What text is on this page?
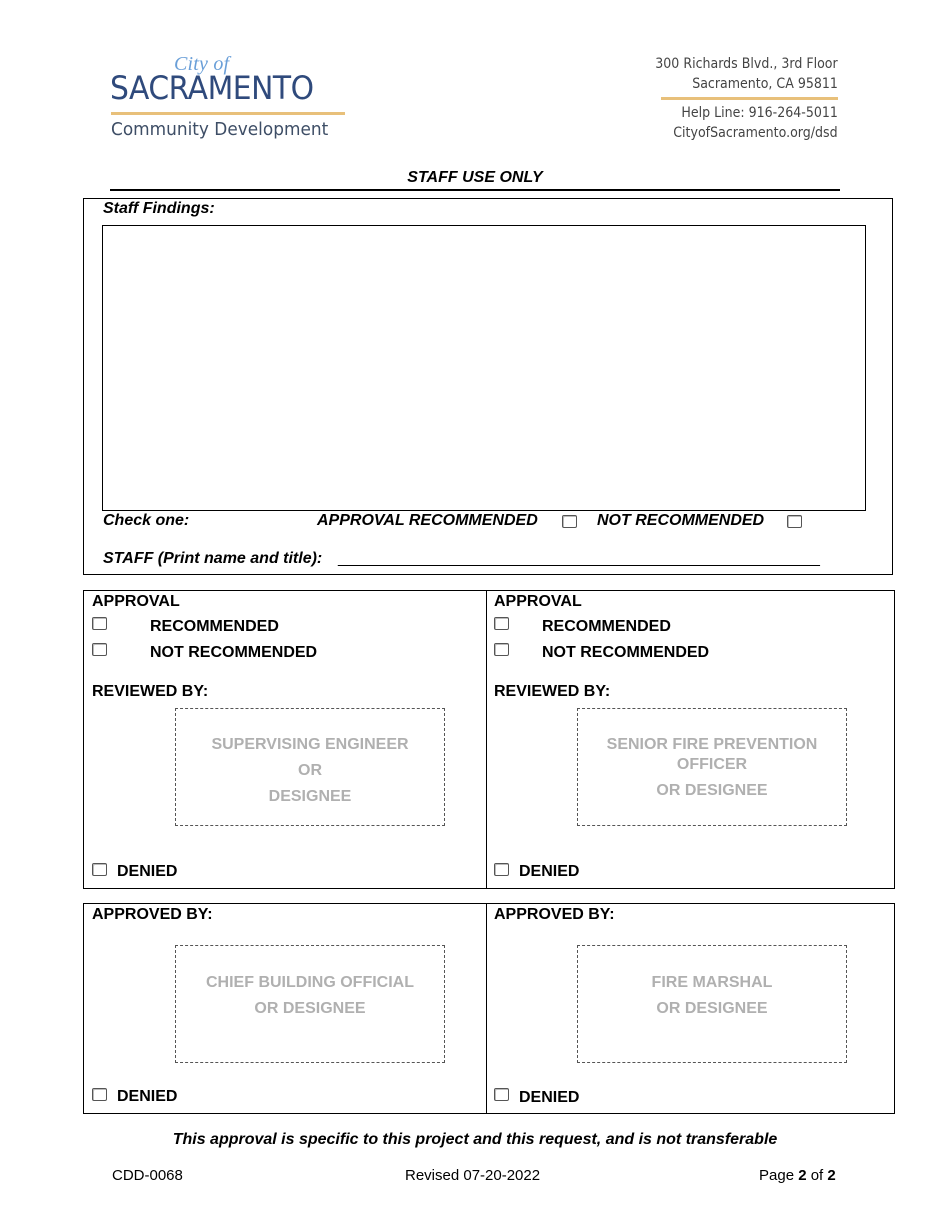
City of
SACRAMENTO
Community Development
300 Richards Blvd., 3rd Floor
Sacramento, CA 95811
Help Line: 916-264-5011
CityofSacramento.org/dsd
STAFF USE ONLY
Staff Findings:
Check one:	APPROVAL RECOMMENDED	NOT RECOMMENDED
STAFF (Print name and title): __________________________________________________________
APPROVAL
RECOMMENDED
NOT RECOMMENDED
REVIEWED BY:
SUPERVISING ENGINEER
OR
DESIGNEE
DENIED
APPROVAL
RECOMMENDED
NOT RECOMMENDED
REVIEWED BY:
SENIOR FIRE PREVENTION
OFFICER
OR DESIGNEE
DENIED
APPROVED BY:
CHIEF BUILDING OFFICIAL
OR DESIGNEE
DENIED
APPROVED BY:
FIRE MARSHAL
OR DESIGNEE
DENIED
This approval is specific to this project and this request, and is not transferable
CDD-0068	Revised 07-20-2022	Page 2 of 2
